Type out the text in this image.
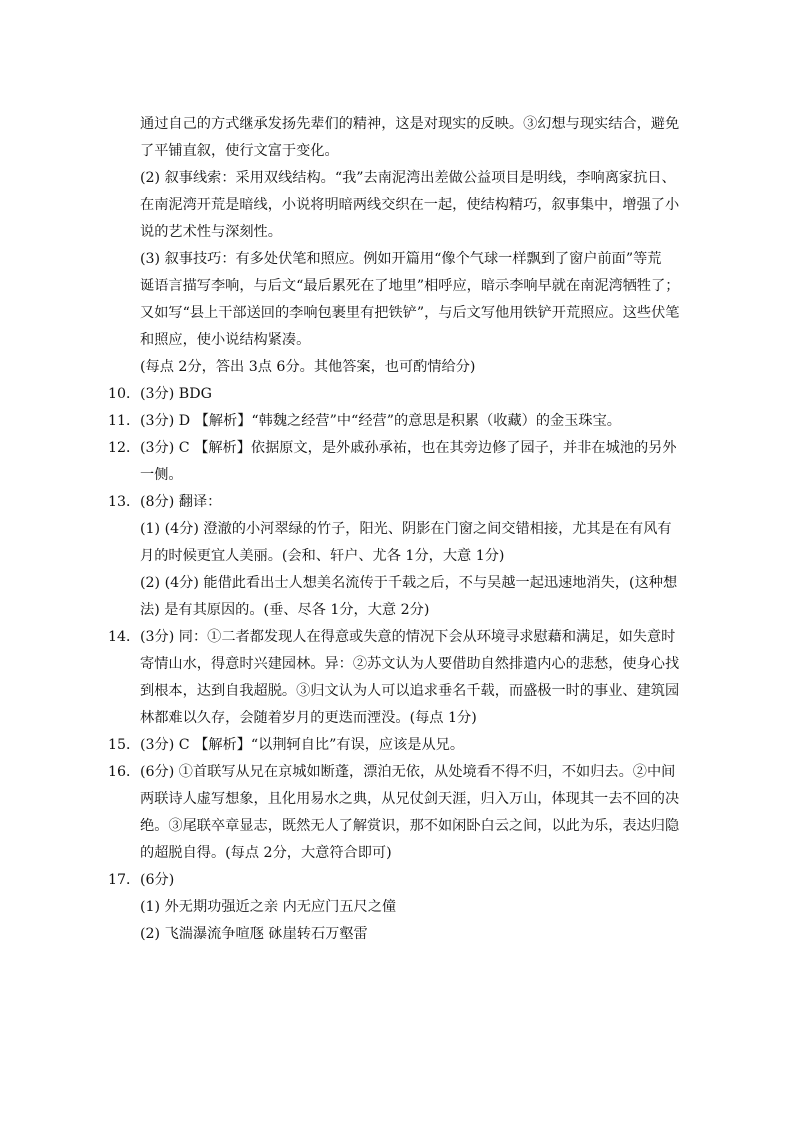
通过自己的方式继承发扬先辈们的精神，这是对现实的反映。③幻想与现实结合，避免
了平铺直叙，使行文富于变化。
(2) 叙事线索：采用双线结构。“我”去南泥湾出差做公益项目是明线，李响离家抗日、
在南泥湾开荒是暗线，小说将明暗两线交织在一起，使结构精巧，叙事集中，增强了小
说的艺术性与深刻性。
(3) 叙事技巧：有多处伏笔和照应。例如开篇用“像个气球一样飘到了窗户前面”等荒
诞语言描写李响，与后文“最后累死在了地里”相呼应，暗示李响早就在南泥湾牺牲了；
又如写“县上干部送回的李响包裹里有把铁铲”，与后文写他用铁铲开荒照应。这些伏笔
和照应，使小说结构紧凑。
(每点 2分，答出 3点 6分。其他答案，也可酌情给分)
10． (3分) BDG
11． (3分) D 【解析】“韩魏之经营”中“经营”的意思是积累（收藏）的金玉珠宝。
12． (3分) C 【解析】依据原文，是外戚孙承祐，也在其旁边修了园子，并非在城池的另外
一侧。
13． (8分) 翻译：
(1) (4分) 澄澈的小河翠绿的竹子，阳光、阴影在门窗之间交错相接，尤其是在有风有
月的时候更宜人美丽。(会和、轩户、尤各 1分，大意 1分)
(2) (4分) 能借此看出士人想美名流传于千载之后，不与吴越一起迅速地消失，(这种想
法) 是有其原因的。(垂、尽各 1分，大意 2分)
14． (3分) 同：①二者都发现人在得意或失意的情况下会从环境寻求慰藉和满足，如失意时
寄情山水，得意时兴建园林。异：②苏文认为人要借助自然排遣内心的悲愁，使身心找
到根本，达到自我超脱。③归文认为人可以追求垂名千载，而盛极一时的事业、建筑园
林都难以久存，会随着岁月的更迭而湮没。(每点 1分)
15． (3分) C 【解析】“以荆轲自比”有误，应该是从兄。
16． (6分) ①首联写从兄在京城如断蓬，漂泊无依，从处境看不得不归，不如归去。②中间
两联诗人虚写想象，且化用易水之典，从兄仗剑天涯，归入万山，体现其一去不回的决
绝。③尾联卒章显志，既然无人了解赏识，那不如闲卧白云之间，以此为乐，表达归隐
的超脱自得。(每点 2分，大意符合即可)
17． (6分)
(1) 外无期功强近之亲 内无应门五尺之僮
(2) 飞湍瀑流争喧豗 砯崖转石万壑雷
